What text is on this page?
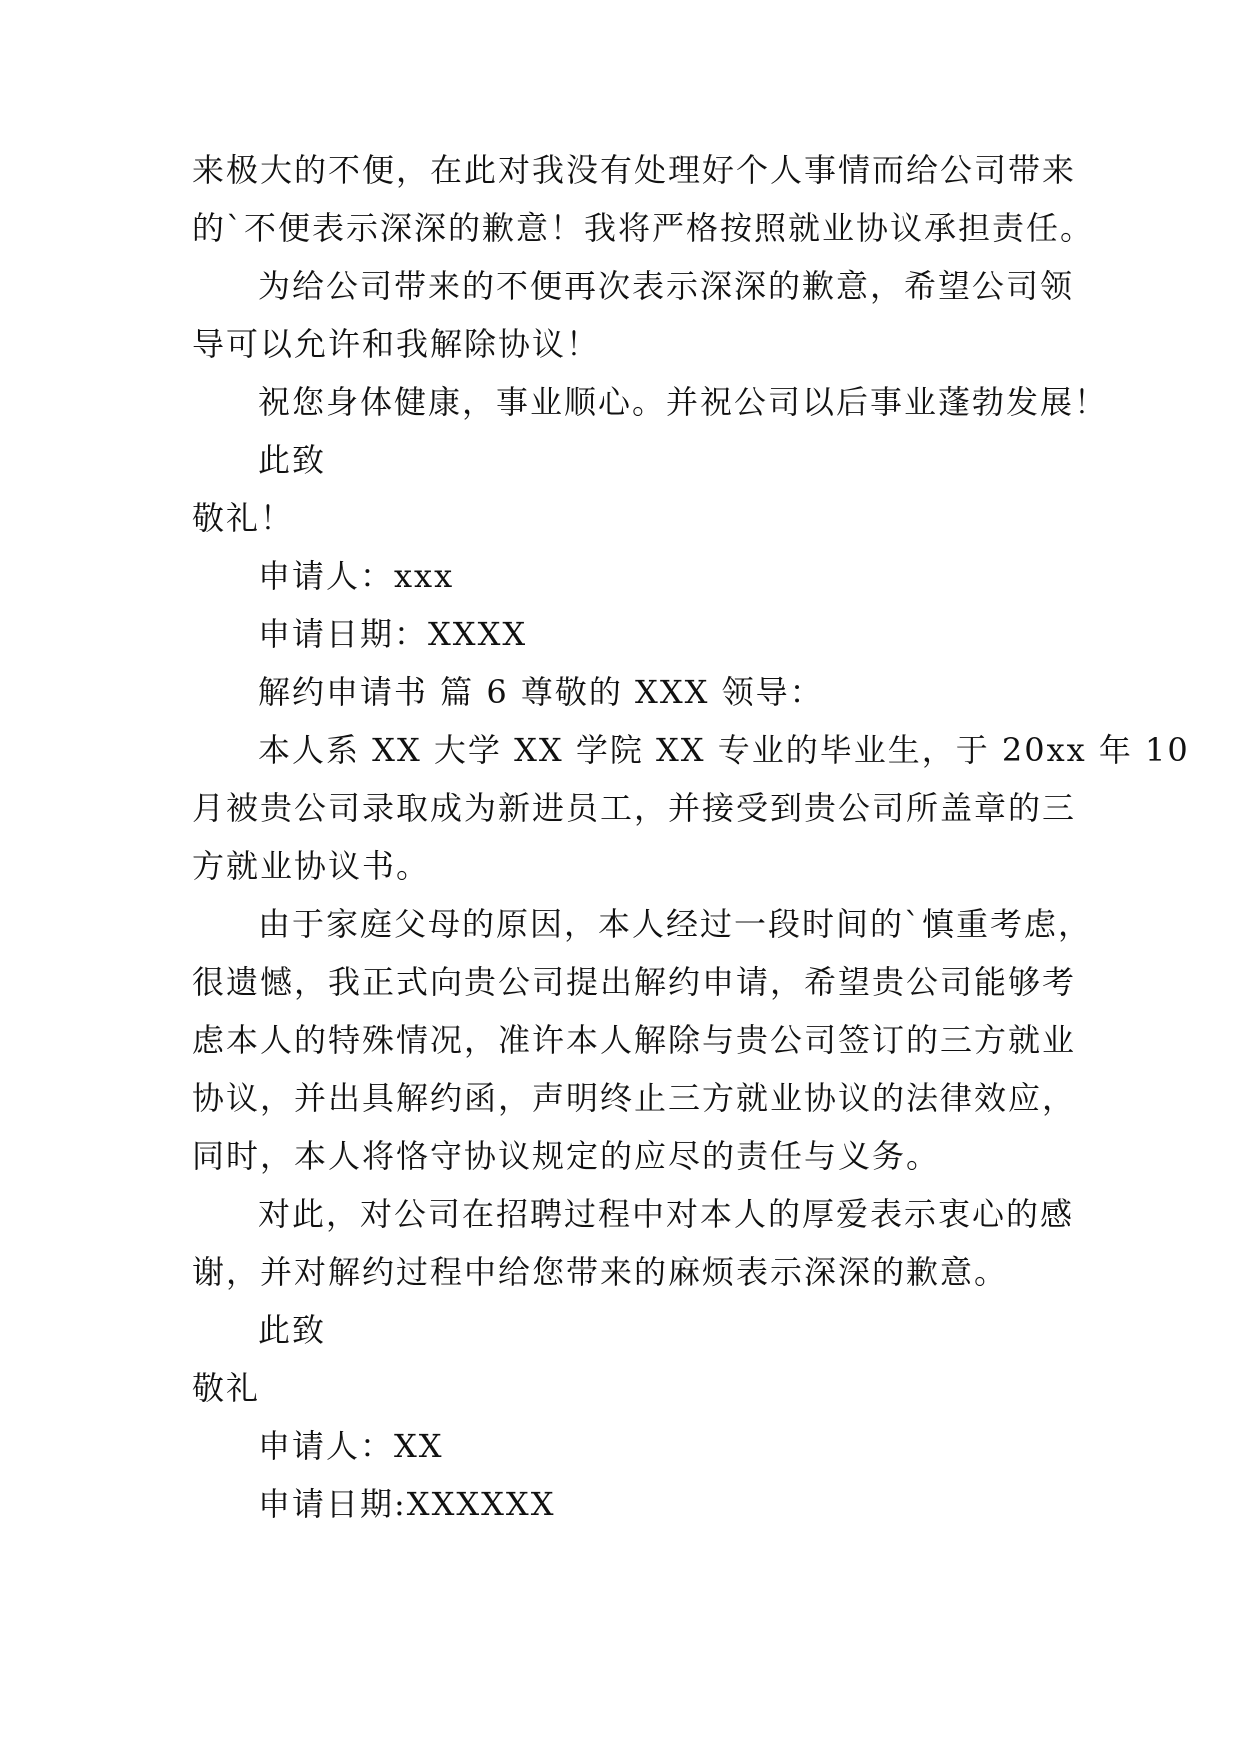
来极大的不便，在此对我没有处理好个人事情而给公司带来
的`不便表示深深的歉意！我将严格按照就业协议承担责任。
为给公司带来的不便再次表示深深的歉意，希望公司领
导可以允许和我解除协议！
祝您身体健康，事业顺心。并祝公司以后事业蓬勃发展！
此致
敬礼！
申请人：xxx
申请日期：XXXX
解约申请书 篇 6 尊敬的 XXX 领导：
本人系 XX 大学 XX 学院 XX 专业的毕业生，于 20xx 年 10
月被贵公司录取成为新进员工，并接受到贵公司所盖章的三
方就业协议书。
由于家庭父母的原因，本人经过一段时间的`慎重考虑，
很遗憾，我正式向贵公司提出解约申请，希望贵公司能够考
虑本人的特殊情况，准许本人解除与贵公司签订的三方就业
协议，并出具解约函，声明终止三方就业协议的法律效应，
同时，本人将恪守协议规定的应尽的责任与义务。
对此，对公司在招聘过程中对本人的厚爱表示衷心的感
谢，并对解约过程中给您带来的麻烦表示深深的歉意。
此致
敬礼
申请人：XX
申请日期:XXXXXX
